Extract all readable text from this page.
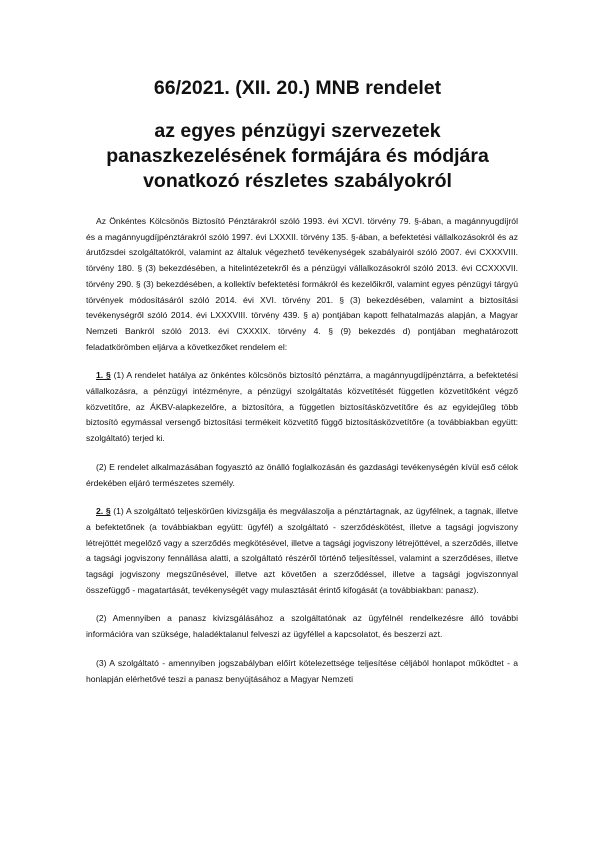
66/2021. (XII. 20.) MNB rendelet
az egyes pénzügyi szervezetek
panaszkezelésének formájára és módjára
vonatkozó részletes szabályokról

Az Önkéntes Kölcsönös Biztosító Pénztárakról szóló 1993. évi XCVI. törvény 79. §-ában, a magánnyugdíjról és a magánnyugdíjpénztárakról szóló 1997. évi LXXXII. törvény 135. §-ában, a befektetési vállalkozásokról és az árutőzsdei szolgáltatókról, valamint az általuk végezhető tevékenységek szabályairól szóló 2007. évi CXXXVIII. törvény 180. § (3) bekezdésében, a hitelintézetekről és a pénzügyi vállalkozásokról szóló 2013. évi CCXXXVII. törvény 290. § (3) bekezdésében, a kollektív befektetési formákról és kezelőikről, valamint egyes pénzügyi tárgyú törvények módosításáról szóló 2014. évi XVI. törvény 201. § (3) bekezdésében, valamint a biztosítási tevékenységről szóló 2014. évi LXXXVIII. törvény 439. § a) pontjában kapott felhatalmazás alapján, a Magyar Nemzeti Bankról szóló 2013. évi CXXXIX. törvény 4. § (9) bekezdés d) pontjában meghatározott feladatkörömben eljárva a következőket rendelem el:

1. § (1) A rendelet hatálya az önkéntes kölcsönös biztosító pénztárra, a magánnyugdíjpénztárra, a befektetési vállalkozásra, a pénzügyi intézményre, a pénzügyi szolgáltatás közvetítését független közvetítőként végző közvetítőre, az ÁKBV-alapkezelőre, a biztosítóra, a független biztosításközvetítőre és az egyidejűleg több biztosító egymással versengő biztosítási termékeit közvetítő függő biztosításközvetítőre (a továbbiakban együtt: szolgáltató) terjed ki.

(2) E rendelet alkalmazásában fogyasztó az önálló foglalkozásán és gazdasági tevékenységén kívül eső célok érdekében eljáró természetes személy.

2. § (1) A szolgáltató teljeskörűen kivizsgálja és megválaszolja a pénztártagnak, az ügyfélnek, a tagnak, illetve a befektetőnek (a továbbiakban együtt: ügyfél) a szolgáltató - szerződéskötést, illetve a tagsági jogviszony létrejöttét megelőző vagy a szerződés megkötésével, illetve a tagsági jogviszony létrejöttével, a szerződés, illetve a tagsági jogviszony fennállása alatti, a szolgáltató részéről történő teljesítéssel, valamint a szerződéses, illetve tagsági jogviszony megszűnésével, illetve azt követően a szerződéssel, illetve a tagsági jogviszonnyal összefüggő - magatartását, tevékenységét vagy mulasztását érintő kifogását (a továbbiakban: panasz).

(2) Amennyiben a panasz kivizsgálásához a szolgáltatónak az ügyfélnél rendelkezésre álló további információra van szüksége, haladéktalanul felveszi az ügyféllel a kapcsolatot, és beszerzi azt.

(3) A szolgáltató - amennyiben jogszabályban előírt kötelezettsége teljesítése céljából honlapot működtet - a honlapján elérhetővé teszi a panasz benyújtásához a Magyar Nemzeti
